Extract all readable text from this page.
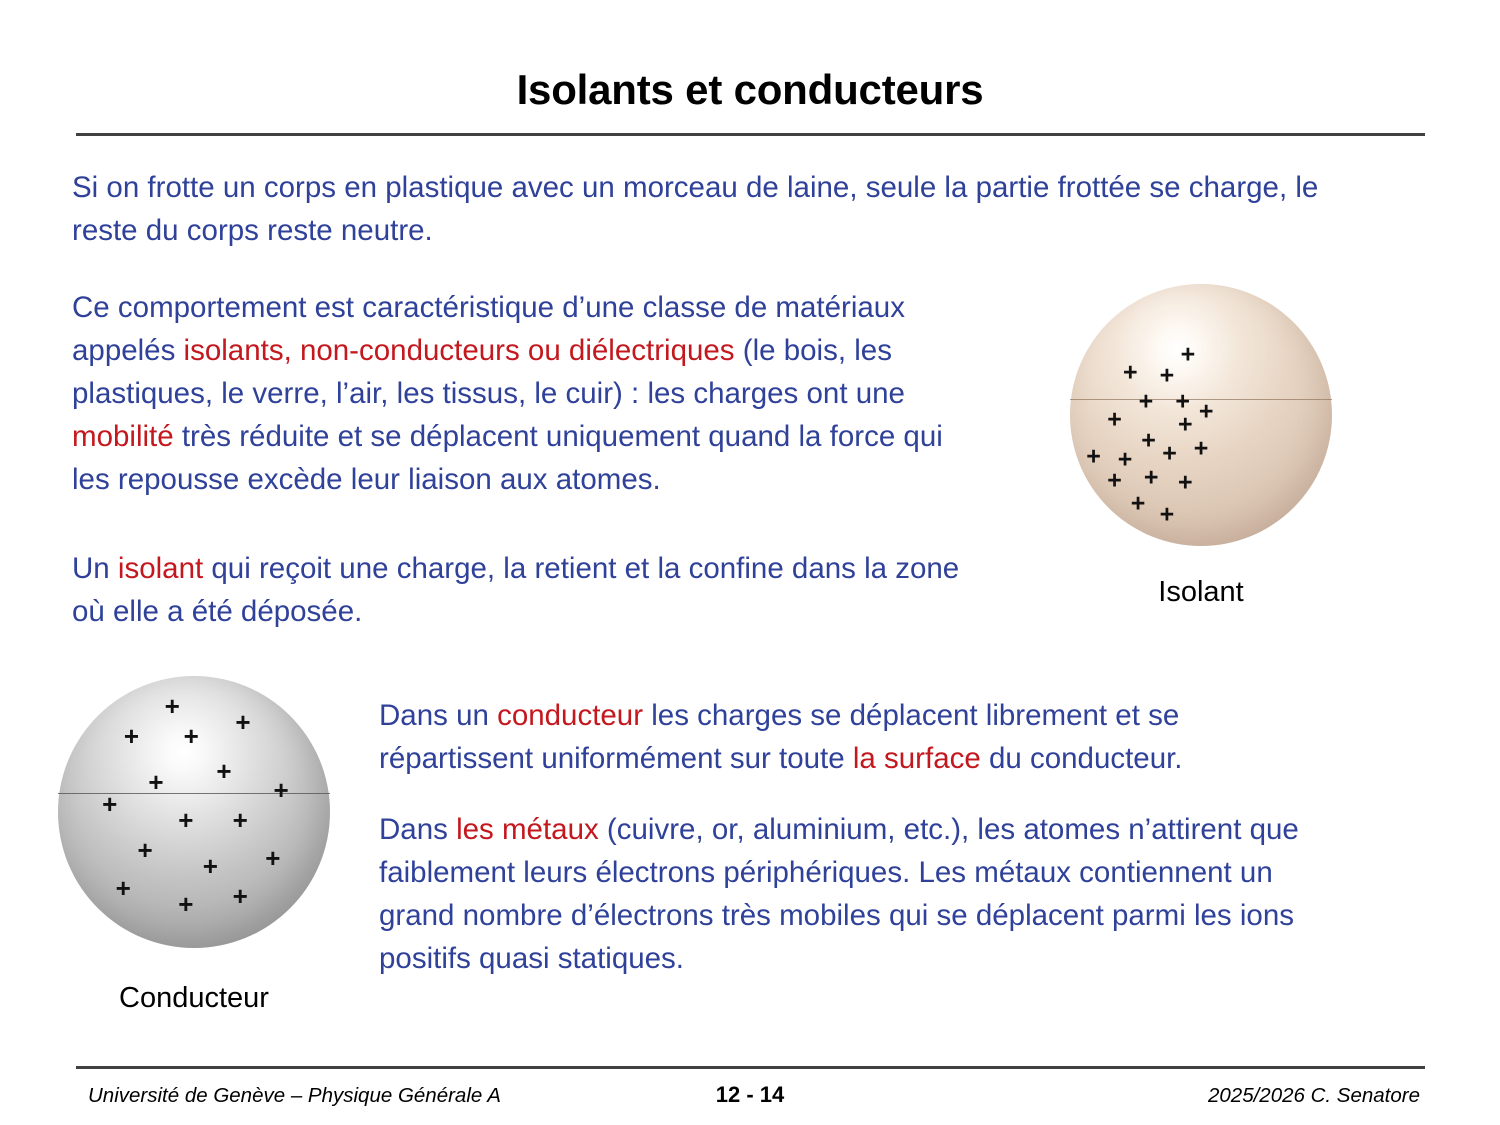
Isolants et conducteurs

Si on frotte un corps en plastique avec un morceau de laine, seule la partie frottée se charge, le

reste du corps reste neutre.

Ce comportement est caractéristique d’une classe de matériaux

appelés isolants, non-conducteurs ou diélectriques (le bois, les

plastiques, le verre, l’air, les tissus, le cuir) : les charges ont une

mobilité très réduite et se déplacent uniquement quand la force qui

les repousse excède leur liaison aux atomes.

Un isolant qui reçoit une charge, la retient et la confine dans la zone

où elle a été déposée.

Dans un conducteur les charges se déplacent librement et se

répartissent uniformément sur toute la surface du conducteur.

Dans les métaux (cuivre, or, aluminium, etc.), les atomes n’attirent que

faiblement leurs électrons périphériques. Les métaux contiennent un

grand nombre d’électrons très mobiles qui se déplacent parmi les ions

positifs quasi statiques.

+
+ +
+ + +
+ +
+
+ + + +
+ + +
+ +
Isolant
+
+
+ +
+
+	+
+
+ +
+	+
+
+	+
+
Conducteur
Université de Genève – Physique Générale A	12 - 14	2025/2026 C. Senatore
